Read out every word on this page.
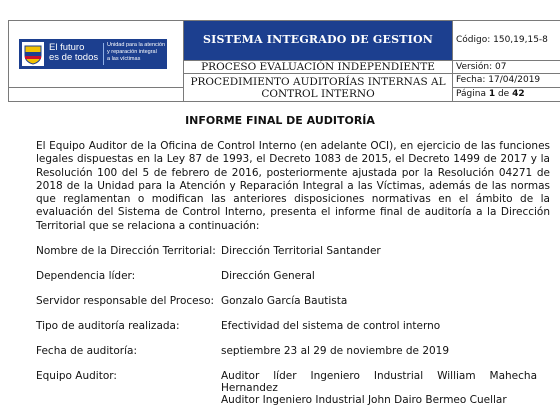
El futuro
es de todos
Unidad para la atención
y reparación integral
a las víctimas	SISTEMA INTEGRADO DE GESTION	Código: 150,19,15-8
	PROCESO EVALUACIÓN INDEPENDIENTE	Versión: 07
	PROCEDIMIENTO AUDITORÍAS INTERNAS AL CONTROL INTERNO	Fecha: 17/04/2019
		Página 1 de 42
INFORME FINAL DE AUDITORÍA

El Equipo Auditor de la Oficina de Control Interno (en adelante OCI), en ejercicio de las funciones legales dispuestas en la Ley 87 de 1993, el Decreto 1083 de 2015, el Decreto 1499 de 2017 y la Resolución 100 del 5 de febrero de 2016, posteriormente ajustada por la Resolución 04271 de 2018 de la Unidad para la Atención y Reparación Integral a las Víctimas, además de las normas que reglamentan o modifican las anteriores disposiciones normativas en el ámbito de la evaluación del Sistema de Control Interno, presenta el informe final de auditoría a la Dirección Territorial que se relaciona a continuación:

Nombre de la Dirección Territorial: Dirección Territorial Santander
Dependencia líder:	Dirección General
Servidor responsable del Proceso: Gonzalo García Bautista
Tipo de auditoría realizada:	Efectividad del sistema de control interno
Fecha de auditoría:	septiembre 23 al 29 de noviembre de 2019
Equipo Auditor:	Auditor líder Ingeniero Industrial William Mahecha
Hernandez
Auditor Ingeniero Industrial John Dairo Bermeo Cuellar
